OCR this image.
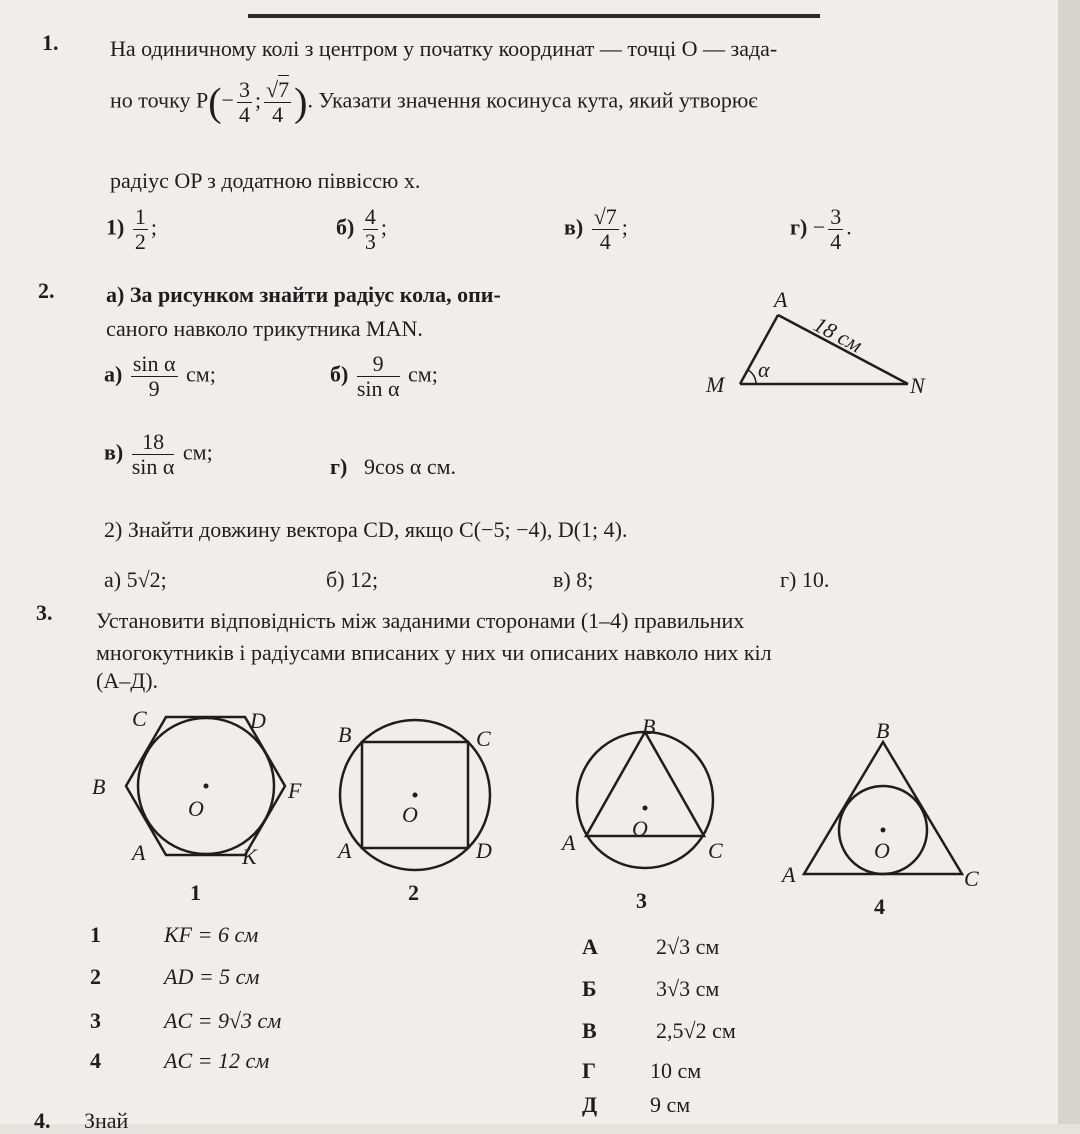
1. На одиничному колі з центром у початку координат — точці O — зада-
но точку $P(- \frac{3}{4}$ ; $\frac{√7}{4}$ ). Указати значення косинуса кута, який утворює
радіус OP з додатною піввіссю x.
$1) \frac{1}{2}$ ;	$б) \frac{4}{3}$ ;	$в) \frac{√7}{4}$ ;	$г) - \frac{3}{4}$ .
2. а) За рисунком знайти радіус кола, опи-
саного навколо трикутника MAN.
A
M	N
α
18 см
$а) \frac{\text{sin α}}{9}$ см;	$б) \frac{9}{\text{sin α}}$ см;
$в) \frac{18}{\text{sin α}}$ см;
г) 9cos α см.
2) Знайти довжину вектора CD, якщо C(−5; −4), D(1; 4).
а) 5√2;	б) 12;	в) 8;	г) 10.
3. Установити відповідність між заданими сторонами (1–4) правильних
многокутників і радіусами вписаних у них чи описаних навколо них кіл
(А–Д).
C	D
B	F
A	K
O
1
B	C
A	D
O
2
B
A	C
O
3
B
A	C
O
4
1	KF = 6 см
2	AD = 5 см
3	AC = 9√3 см
4	AC = 12 см
А	2√3 см
Б	3√3 см
В	2,5√2 см
Г 10 см
Д 9 см
4. Знай
